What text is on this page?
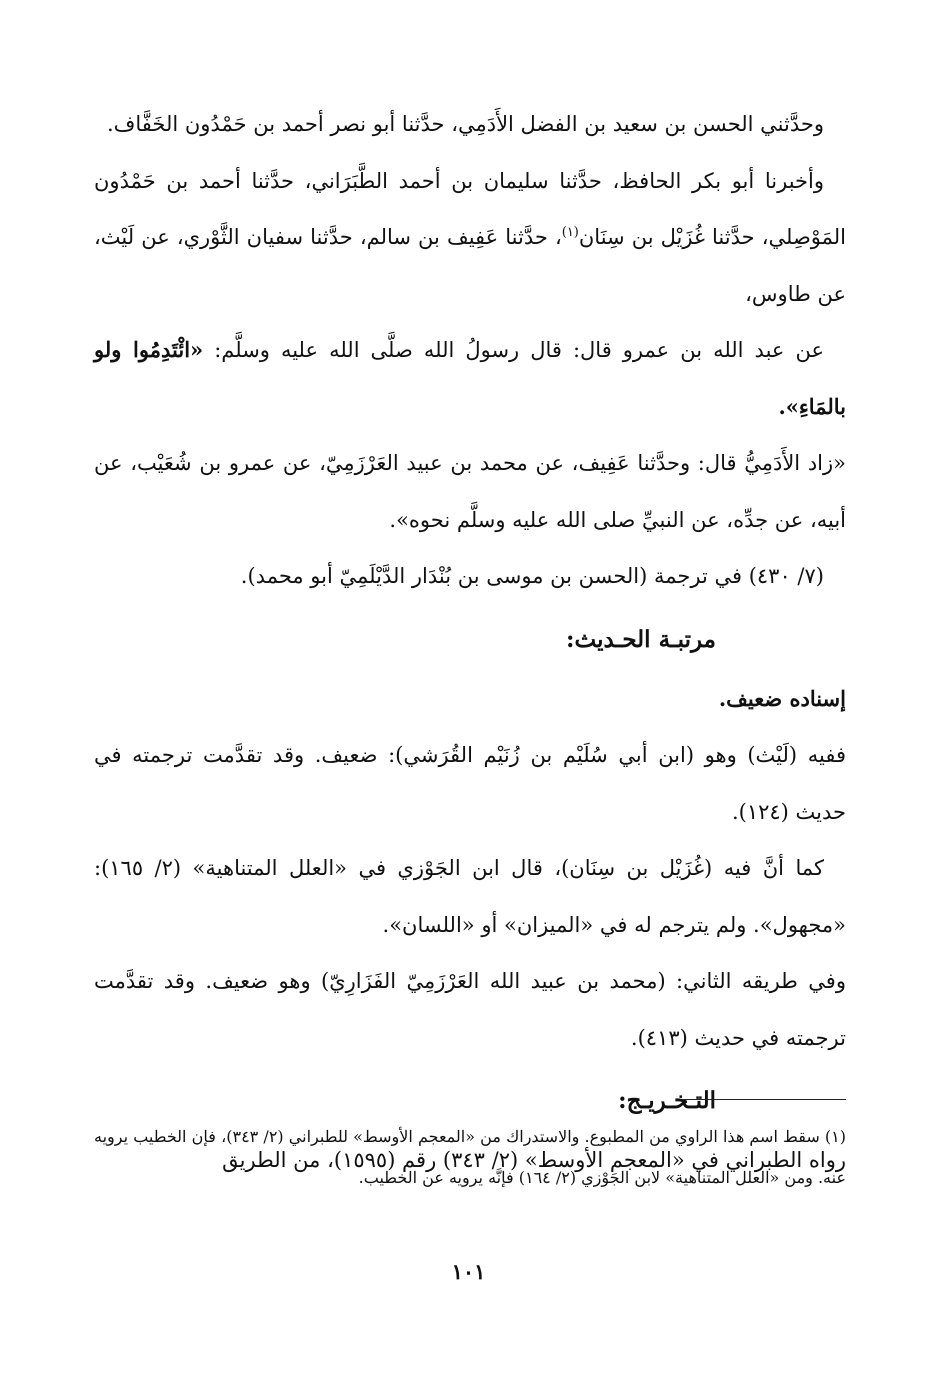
وحدَّثني الحسن بن سعيد بن الفضل الأَدَمِي، حدَّثنا أبو نصر أحمد بن حَمْدُون الخَفَّاف.

وأخبرنا أبو بكر الحافظ، حدَّثنا سليمان بن أحمد الطَّبَرَاني، حدَّثنا أحمد بن حَمْدُون المَوْصِلي، حدَّثنا غُزَيْل بن سِنَان$^{(١)}$، حدَّثنا عَفِيف بن سالم، حدَّثنا سفيان الثَّوْري، عن لَيْث، عن طاوس،

عن عبد الله بن عمرو قال: قال رسولُ الله صلَّى الله عليه وسلَّم: «ائْتَدِمُوا ولو بالمَاءِ».

«زاد الأَدَمِيُّ قال: وحدَّثنا عَفِيف، عن محمد بن عبيد العَرْزَمِيّ، عن عمرو بن شُعَيْب، عن أبيه، عن جدِّه، عن النبيِّ صلى الله عليه وسلَّم نحوه».

(٧/ ٤٣٠) في ترجمة (الحسن بن موسى بن بُنْدَار الدَّيْلَمِيّ أبو محمد).

مرتبـة الحـديث:

إسناده ضعيف.

ففيه (لَيْث) وهو (ابن أبي سُلَيْم بن زُنَيْم القُرَشي): ضعيف. وقد تقدَّمت ترجمته في حديث (١٢٤).

كما أنَّ فيه (غُزَيْل بن سِنَان)، قال ابن الجَوْزي في «العلل المتناهية» (٢/ ١٦٥): «مجهول». ولم يترجم له في «الميزان» أو «اللسان».

وفي طريقه الثاني: (محمد بن عبيد الله العَرْزَمِيّ الفَزَارِيّ) وهو ضعيف. وقد تقدَّمت ترجمته في حديث (٤١٣).

التـخـريـج:

رواه الطبراني في «المعجم الأوسط» (٢/ ٣٤٣) رقم (١٥٩٥)، من الطريق

(١) سقط اسم هذا الراوي من المطبوع. والاستدراك من «المعجم الأوسط» للطبراني (٢/ ٣٤٣)، فإن الخطيب يرويه عنه. ومن «العلل المتناهية» لابن الجَوْزي (٢/ ١٦٤) فإنَّه يرويه عن الخطيب.

١٠١
